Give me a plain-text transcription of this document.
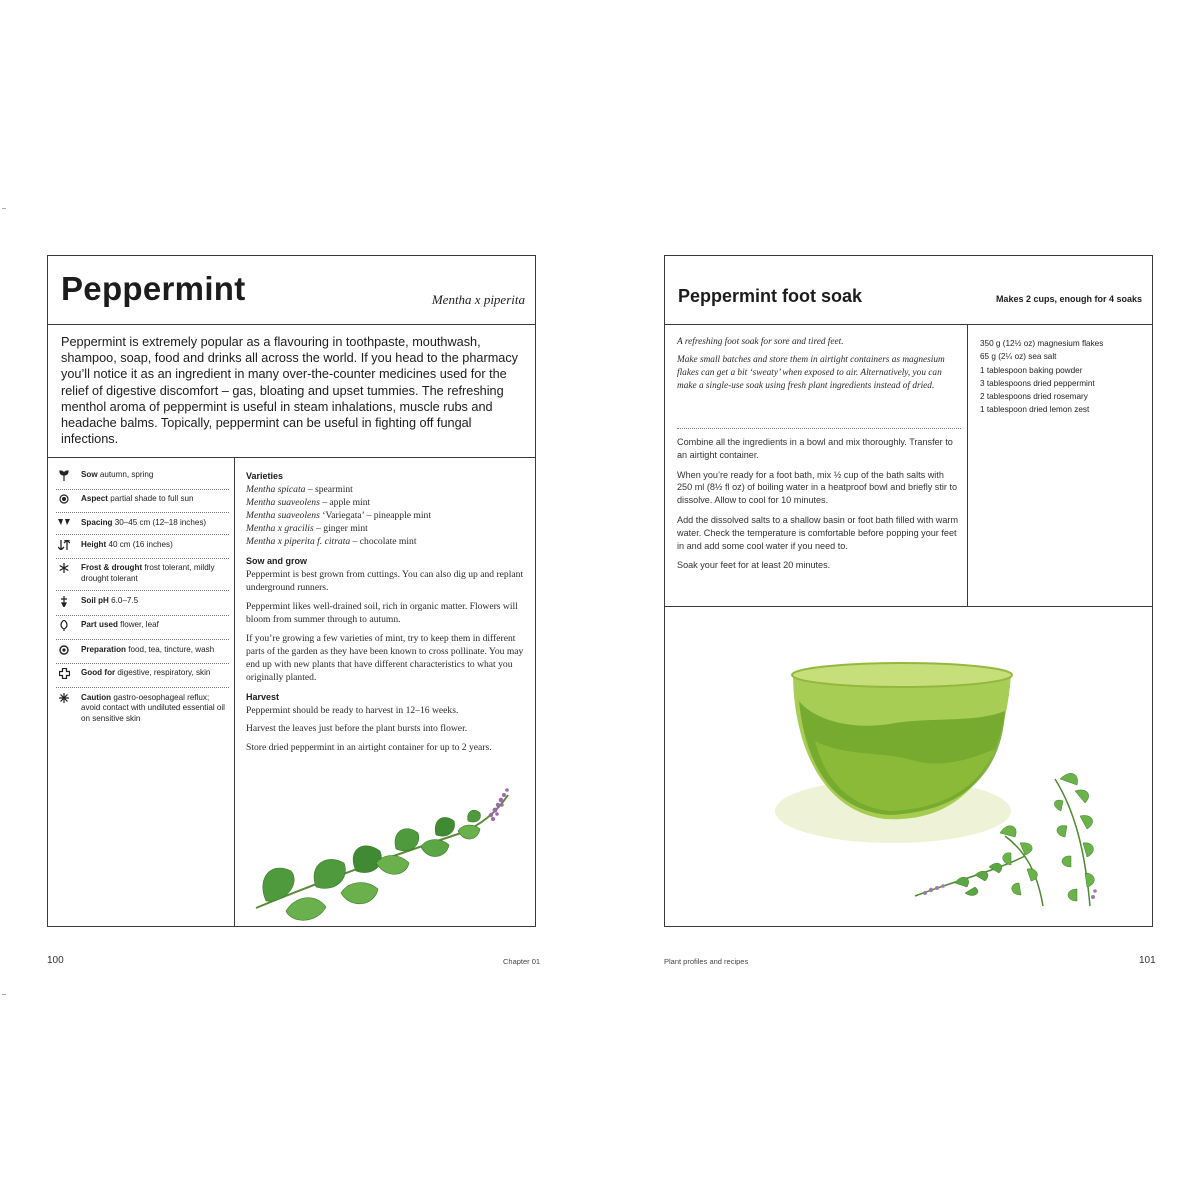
Peppermint	Mentha x piperita
Peppermint is extremely popular as a flavouring in toothpaste, mouthwash, shampoo, soap, food and drinks all across the world. If you head to the pharmacy you’ll notice it as an ingredient in many over-the-counter medicines used for the relief of digestive discomfort – gas, bloating and upset tummies. The refreshing menthol aroma of peppermint is useful in steam inhalations, muscle rubs and headache balms. Topically, peppermint can be useful in fighting off fungal infections.
Sow autumn, spring
Aspect partial shade to full sun
Spacing 30–45 cm (12–18 inches)
Height 40 cm (16 inches)
Frost & drought frost tolerant, mildly drought tolerant
Soil pH 6.0–7.5
Part used flower, leaf
Preparation food, tea, tincture, wash
Good for digestive, respiratory, skin
Caution gastro-oesophageal reflux; avoid contact with undiluted essential oil on sensitive skin
Varieties
Mentha spicata – spearmint
Mentha suaveolens – apple mint
Mentha suaveolens ‘Variegata’ – pineapple mint
Mentha x gracilis – ginger mint
Mentha x piperita f. citrata – chocolate mint
Sow and grow

Peppermint is best grown from cuttings. You can also dig up and replant underground runners.

Peppermint likes well-drained soil, rich in organic matter. Flowers will bloom from summer through to autumn.

If you’re growing a few varieties of mint, try to keep them in different parts of the garden as they have been known to cross pollinate. You may end up with new plants that have different characteristics to what you originally planted.

Harvest

Peppermint should be ready to harvest in 12–16 weeks.

Harvest the leaves just before the plant bursts into flower.

Store dried peppermint in an airtight container for up to 2 years.

100	Chapter 01
Peppermint foot soak	Makes 2 cups, enough for 4 soaks

A refreshing foot soak for sore and tired feet.

Make small batches and store them in airtight containers as magnesium flakes can get a bit ‘sweaty’ when exposed to air. Alternatively, you can make a single-use soak using fresh plant ingredients instead of dried.

Combine all the ingredients in a bowl and mix thoroughly. Transfer to an airtight container.

When you’re ready for a foot bath, mix ½ cup of the bath salts with 250 ml (8½ fl oz) of boiling water in a heatproof bowl and briefly stir to dissolve. Allow to cool for 10 minutes.

Add the dissolved salts to a shallow basin or foot bath filled with warm water. Check the temperature is comfortable before popping your feet in and add some cool water if you need to.

Soak your feet for at least 20 minutes.

350 g (12½ oz) magnesium flakes
65 g (2¼ oz) sea salt
1 tablespoon baking powder
3 tablespoons dried peppermint
2 tablespoons dried rosemary
1 tablespoon dried lemon zest
Plant profiles and recipes	101
